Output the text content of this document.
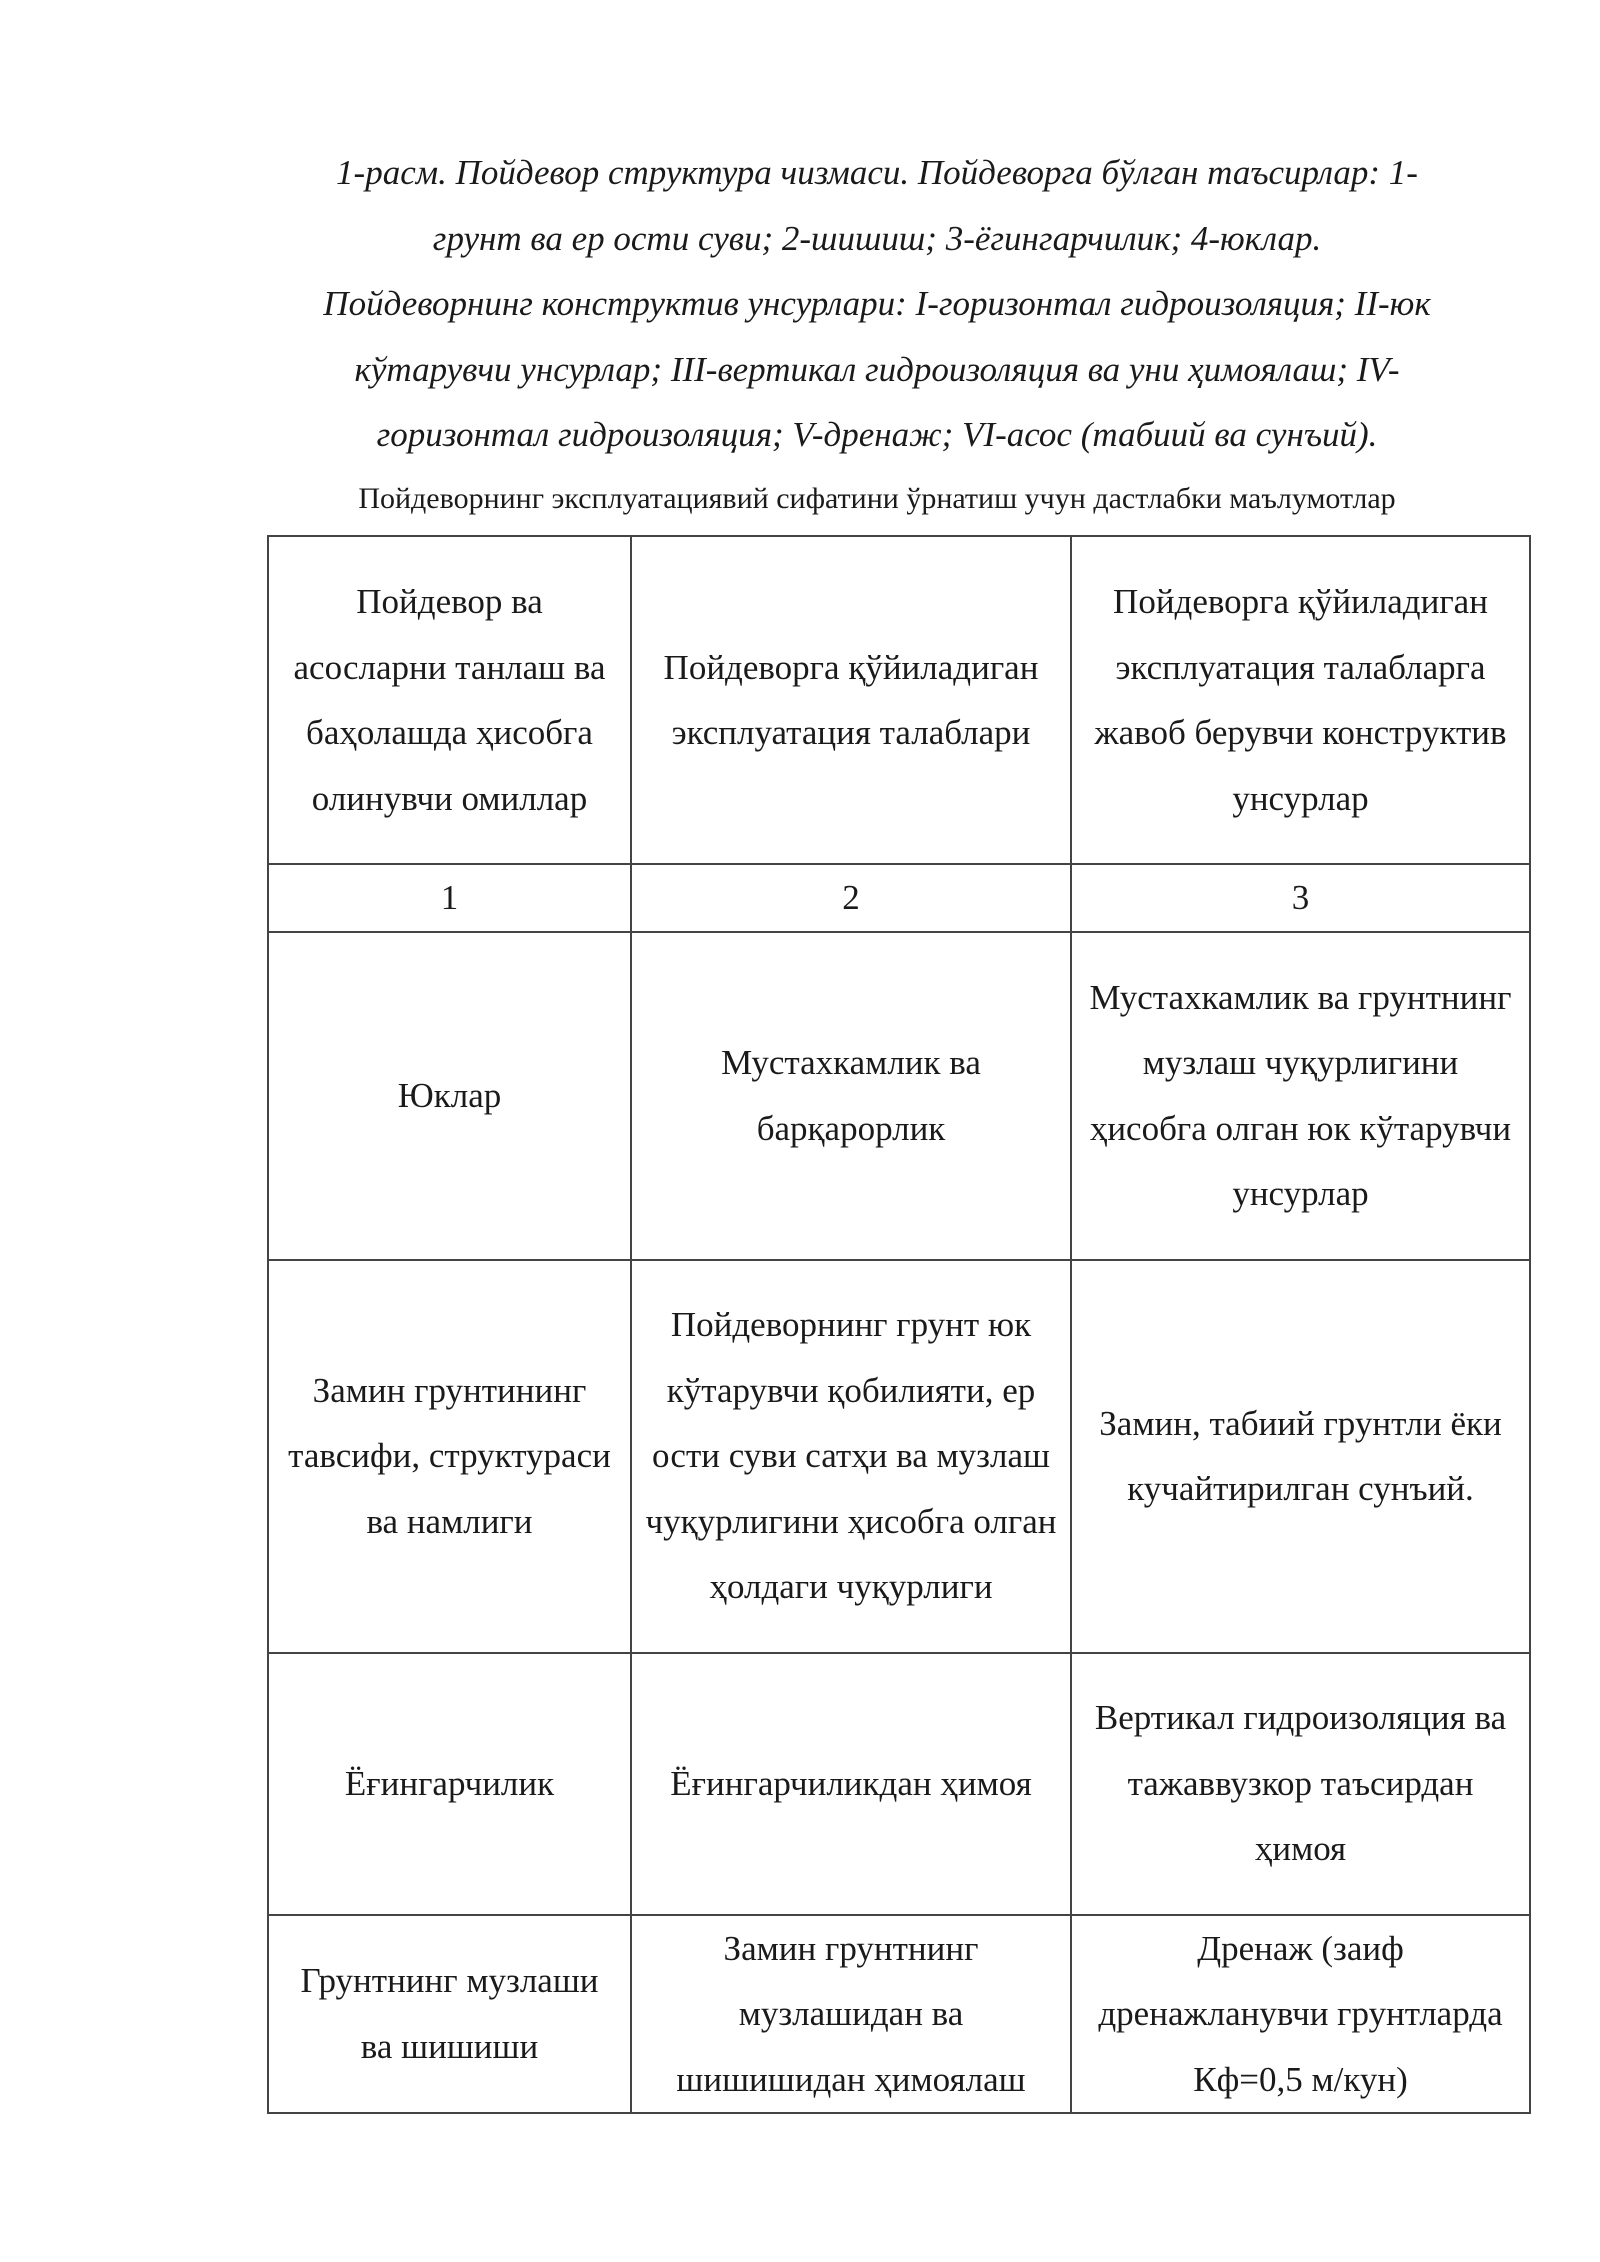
1-расм. Пойдевор структура чизмаси. Пойдеворга бўлган таъсирлар: 1-
грунт ва ер ости суви; 2-шишиш; 3-ёгингарчилик; 4-юклар.
Пойдеворнинг конструктив унсурлари: I-горизонтал гидроизоляция; II-юк
кўтарувчи унсурлар; III-вертикал гидроизоляция ва уни ҳимоялаш; IV-
горизонтал гидроизоляция; V-дренаж; VI-асос (табиий ва сунъий).
Пойдеворнинг эксплуатациявий сифатини ўрнатиш учун дастлабки маълумотлар
Пойдевор ва асосларни танлаш ва баҳолашда ҳисобга олинувчи омиллар	Пойдеворга қўйиладиган эксплуатация талаблари	Пойдеворга қўйиладиган эксплуатация талабларга жавоб берувчи конструктив унсурлар

1	2	3
Юклар	Мустахкамлик ва барқарорлик	Мустахкамлик ва грунтнинг музлаш чуқурлигини ҳисобга олган юк кўтарувчи унсурлар
Замин грунтининг тавсифи, структураси ва намлиги	Пойдеворнинг грунт юк кўтарувчи қобилияти, ер ости суви сатҳи ва музлаш чуқурлигини ҳисобга олган ҳолдаги чуқурлиги	Замин, табиий грунтли ёки кучайтирилган сунъий.
Ёғингарчилик	Ёғингарчиликдан ҳимоя	Вертикал гидроизоляция ва тажаввузкор таъсирдан ҳимоя
Грунтнинг музлаши ва шишиши	Замин грунтнинг музлашидан ва шишишидан ҳимоялаш	Дренаж (заиф дренажланувчи грунтларда Кф=0,5 м/кун)
